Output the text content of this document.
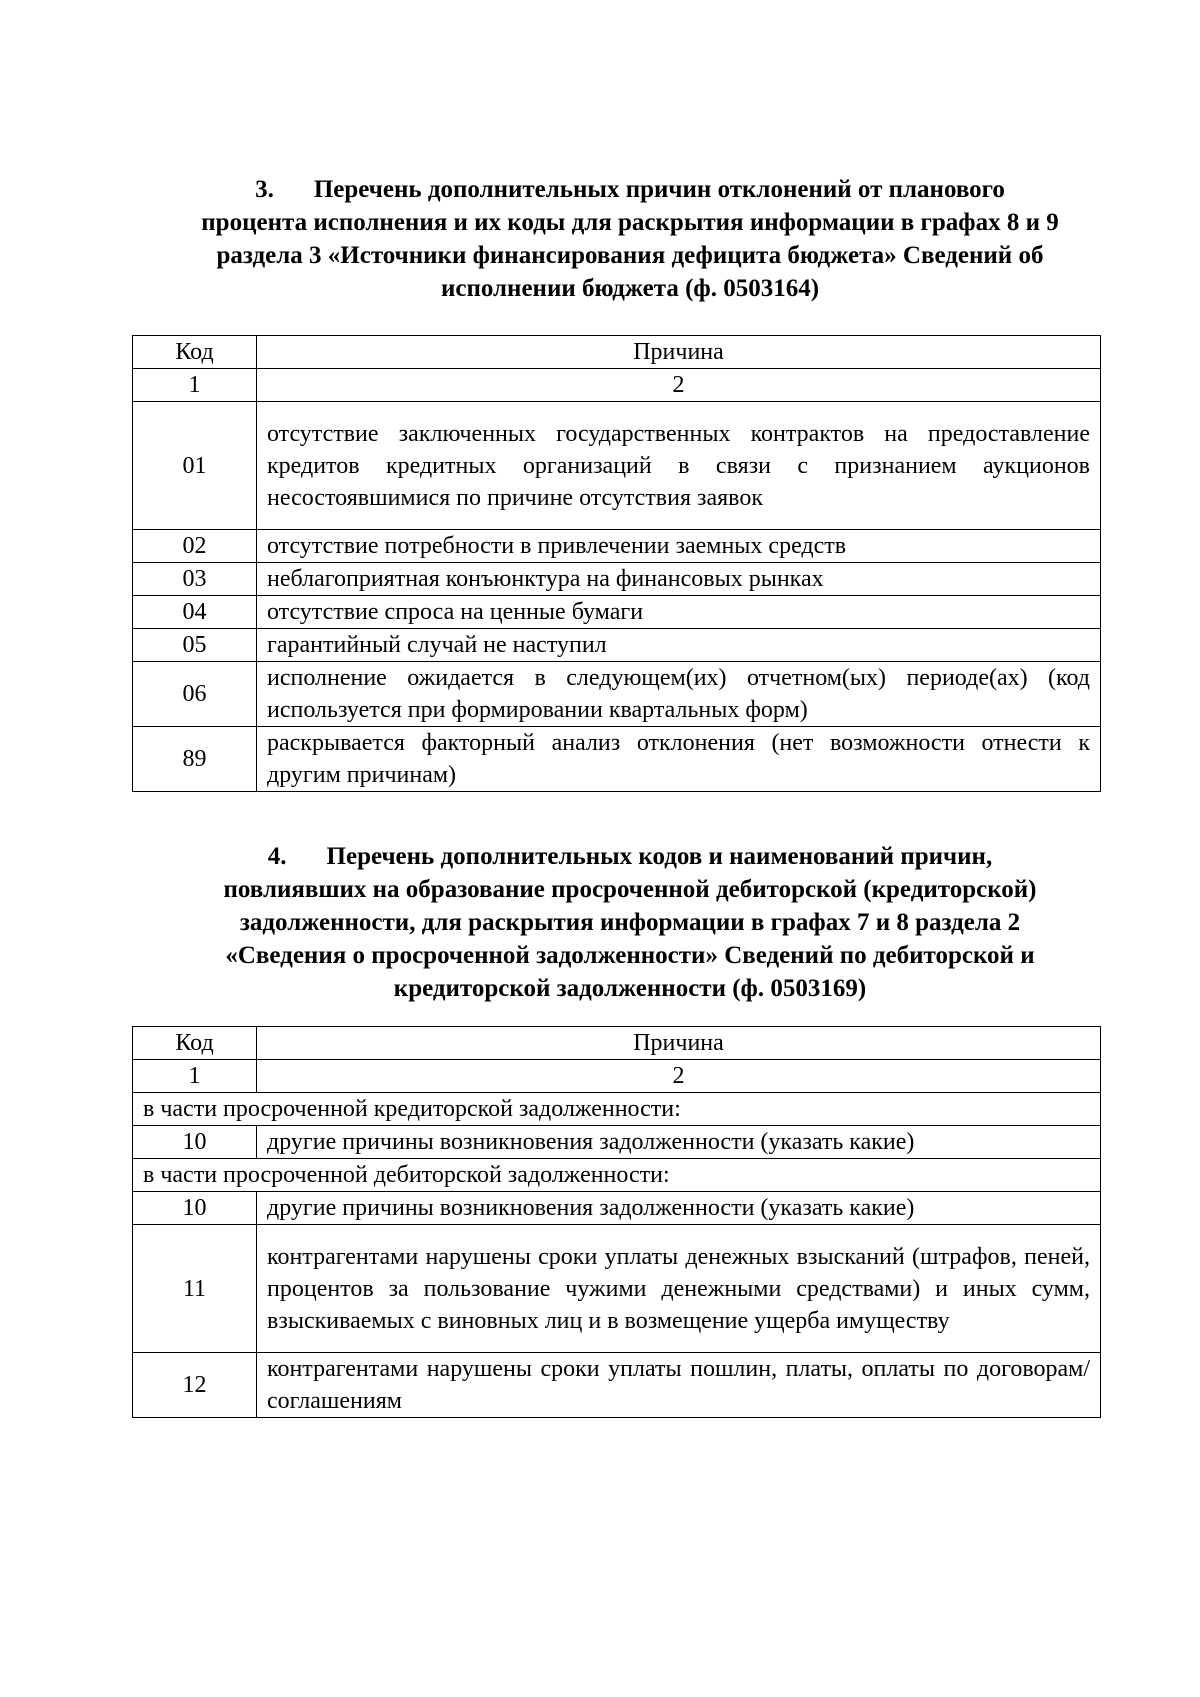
3. Перечень дополнительных причин отклонений от планового
процента исполнения и их коды для раскрытия информации в графах 8 и 9
раздела 3 «Источники финансирования дефицита бюджета» Сведений об
исполнении бюджета (ф. 0503164)
Код	Причина
1	2
01	отсутствие заключенных государственных контрактов на предоставление кредитов кредитных организаций в связи с признанием аукционов несостоявшимися по причине отсутствия заявок
02	отсутствие потребности в привлечении заемных средств
03	неблагоприятная конъюнктура на финансовых рынках
04	отсутствие спроса на ценные бумаги
05	гарантийный случай не наступил
06	исполнение ожидается в следующем(их) отчетном(ых) периоде(ах) (код используется при формировании квартальных форм)
89	раскрывается факторный анализ отклонения (нет возможности отнести к другим причинам)
4. Перечень дополнительных кодов и наименований причин,
повлиявших на образование просроченной дебиторской (кредиторской)
задолженности, для раскрытия информации в графах 7 и 8 раздела 2
«Сведения о просроченной задолженности» Сведений по дебиторской и
кредиторской задолженности (ф. 0503169)
Код	Причина
1	2
в части просроченной кредиторской задолженности:	
10	другие причины возникновения задолженности (указать какие)
в части просроченной дебиторской задолженности:	
10	другие причины возникновения задолженности (указать какие)
11	контрагентами нарушены сроки уплаты денежных взысканий (штрафов, пеней, процентов за пользование чужими денежными средствами) и иных сумм, взыскиваемых с виновных лиц и в возмещение ущерба имуществу
12	контрагентами нарушены сроки уплаты пошлин, платы, оплаты по договорам/соглашениям
